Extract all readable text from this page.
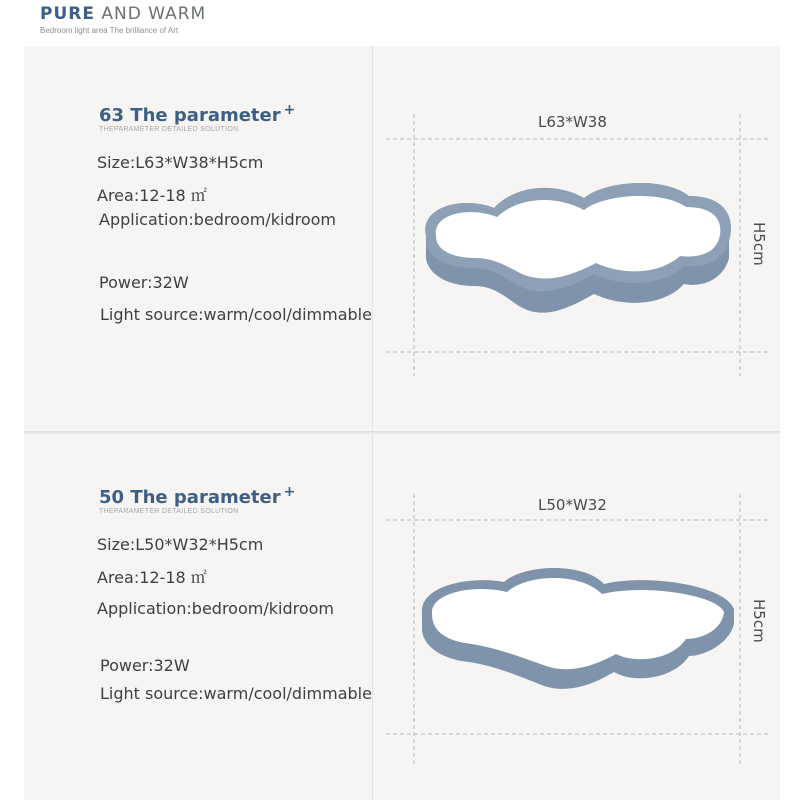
PURE AND WARM
Bedroom light area The brilliance of Art
63 The parameter +
THEPARAMETER DETAILED SOLUTION
Size:L63*W38*H5cm
Area:12-18 ㎡
Application:bedroom/kidroom
Power:32W
Light source:warm/cool/dimmable
L63*W38
H5cm
50 The parameter +
THEPARAMETER DETAILED SOLUTION
Size:L50*W32*H5cm
Area:12-18 ㎡
Application:bedroom/kidroom
Power:32W
Light source:warm/cool/dimmable
L50*W32
H5cm
